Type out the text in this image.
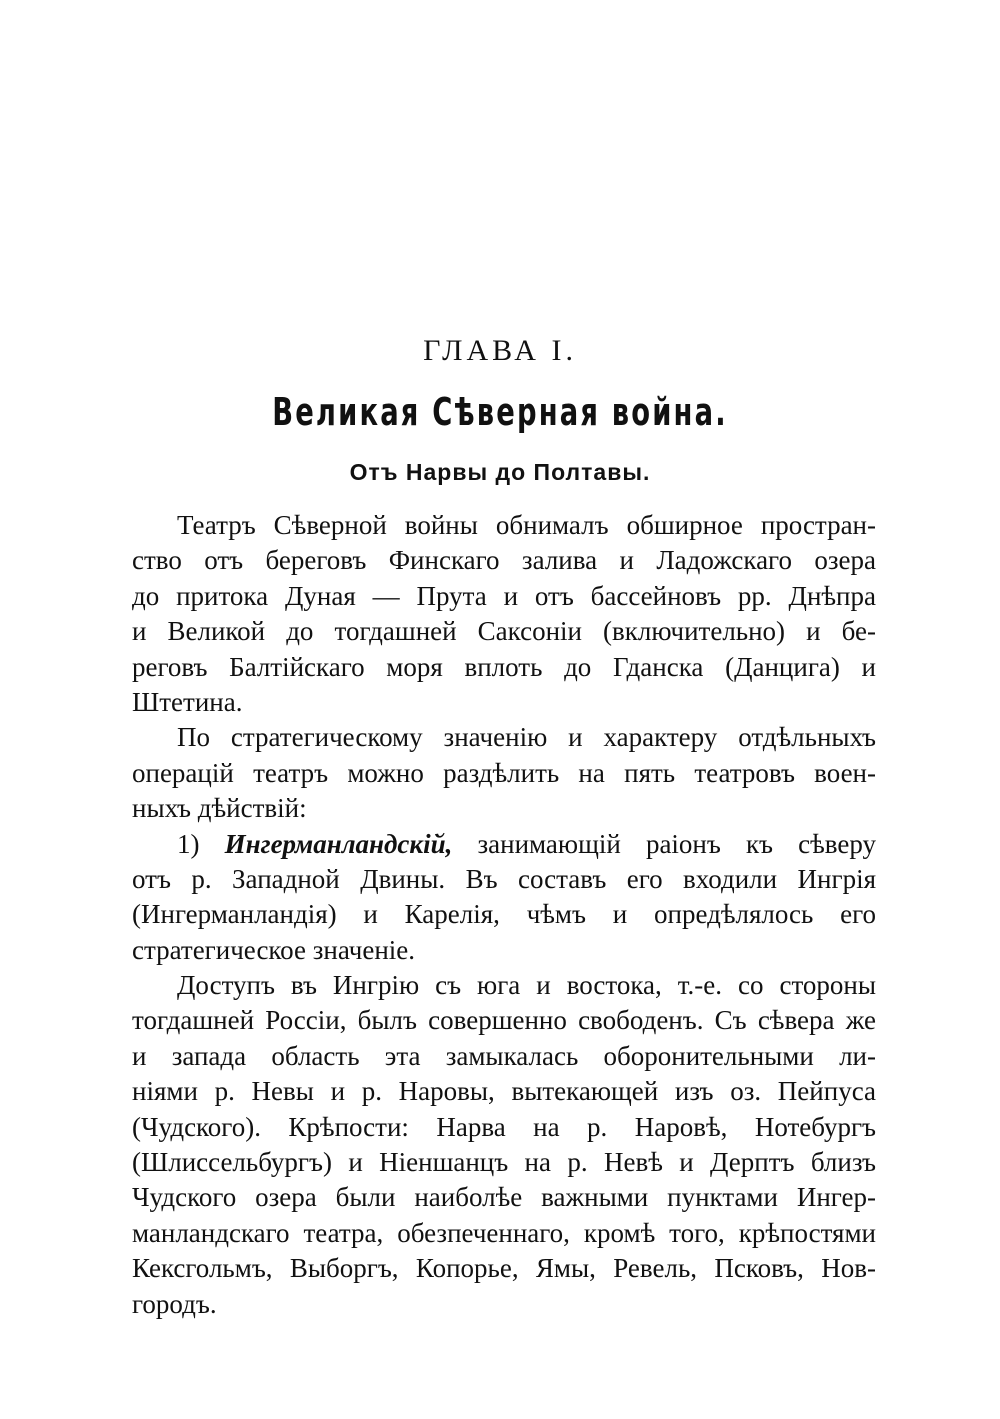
ГЛАВА I.
Великая Сѣверная война.
Отъ Нарвы до Полтавы.
Театръ Сѣверной войны обнималъ обширное простран-
ство отъ береговъ Финскаго залива и Ладожскаго озера
до притока Дуная — Прута и отъ бассейновъ рр. Днѣпра
и Великой до тогдашней Саксоніи (включительно) и бе-
реговъ Балтійскаго моря вплоть до Гданска (Данцига) и
Штетина.
По стратегическому значенію и характеру отдѣльныхъ
операцій театръ можно раздѣлить на пять театровъ воен-
ныхъ дѣйствій:
1) Ингерманландскій, занимающій раіонъ къ сѣверу
отъ р. Западной Двины. Въ составъ его входили Ингрія
(Ингерманландія) и Карелія, чѣмъ и опредѣлялось его
стратегическое значеніе.
Доступъ въ Ингрію съ юга и востока, т.-е. со стороны
тогдашней Россіи, былъ совершенно свободенъ. Съ сѣвера же
и запада область эта замыкалась оборонительными ли-
ніями р. Невы и р. Наровы, вытекающей изъ оз. Пейпуса
(Чудского). Крѣпости: Нарва на р. Наровѣ, Нотебургъ
(Шлиссельбургъ) и Ніеншанцъ на р. Невѣ и Дерптъ близъ
Чудского озера были наиболѣе важными пунктами Ингер-
манландскаго театра, обезпеченнаго, кромѣ того, крѣпостями
Кексгольмъ, Выборгъ, Копорье, Ямы, Ревель, Псковъ, Нов-
городъ.
